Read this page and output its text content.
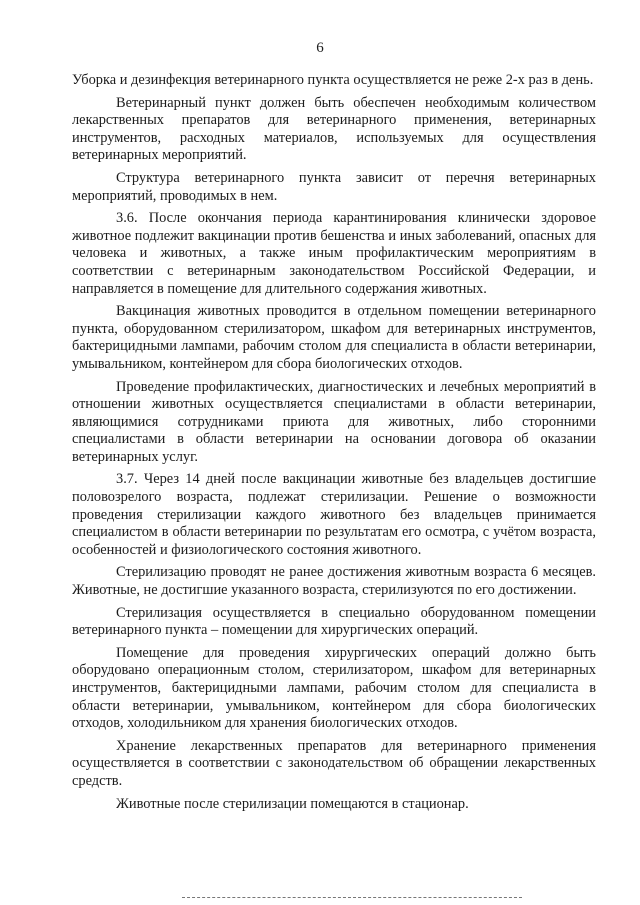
6

Уборка и дезинфекция ветеринарного пункта осуществляется не реже 2-х раз в день.

Ветеринарный пункт должен быть обеспечен необходимым количеством лекарственных препаратов для ветеринарного применения, ветеринарных инструментов, расходных материалов, используемых для осуществления ветеринарных мероприятий.

Структура ветеринарного пункта зависит от перечня ветеринарных мероприятий, проводимых в нем.

3.6. После окончания периода карантинирования клинически здоровое животное подлежит вакцинации против бешенства и иных заболеваний, опасных для человека и животных, а также иным профилактическим мероприятиям в соответствии с ветеринарным законодательством Российской Федерации, и направляется в помещение для длительного содержания животных.

Вакцинация животных проводится в отдельном помещении ветеринарного пункта, оборудованном стерилизатором, шкафом для ветеринарных инструментов, бактерицидными лампами, рабочим столом для специалиста в области ветеринарии, умывальником, контейнером для сбора биологических отходов.

Проведение профилактических, диагностических и лечебных мероприятий в отношении животных осуществляется специалистами в области ветеринарии, являющимися сотрудниками приюта для животных, либо сторонними специалистами в области ветеринарии на основании договора об оказании ветеринарных услуг.

3.7. Через 14 дней после вакцинации животные без владельцев достигшие половозрелого возраста, подлежат стерилизации. Решение о возможности проведения стерилизации каждого животного без владельцев принимается специалистом в области ветеринарии по результатам его осмотра, с учётом возраста, особенностей и физиологического состояния животного.

Стерилизацию проводят не ранее достижения животным возраста 6 месяцев. Животные, не достигшие указанного возраста, стерилизуются по его достижении.

Стерилизация осуществляется в специально оборудованном помещении ветеринарного пункта – помещении для хирургических операций.

Помещение для проведения хирургических операций должно быть оборудовано операционным столом, стерилизатором, шкафом для ветеринарных инструментов, бактерицидными лампами, рабочим столом для специалиста в области ветеринарии, умывальником, контейнером для сбора биологических отходов, холодильником для хранения биологических отходов.

Хранение лекарственных препаратов для ветеринарного применения осуществляется в соответствии с законодательством об обращении лекарственных средств.

Животные после стерилизации помещаются в стационар.
